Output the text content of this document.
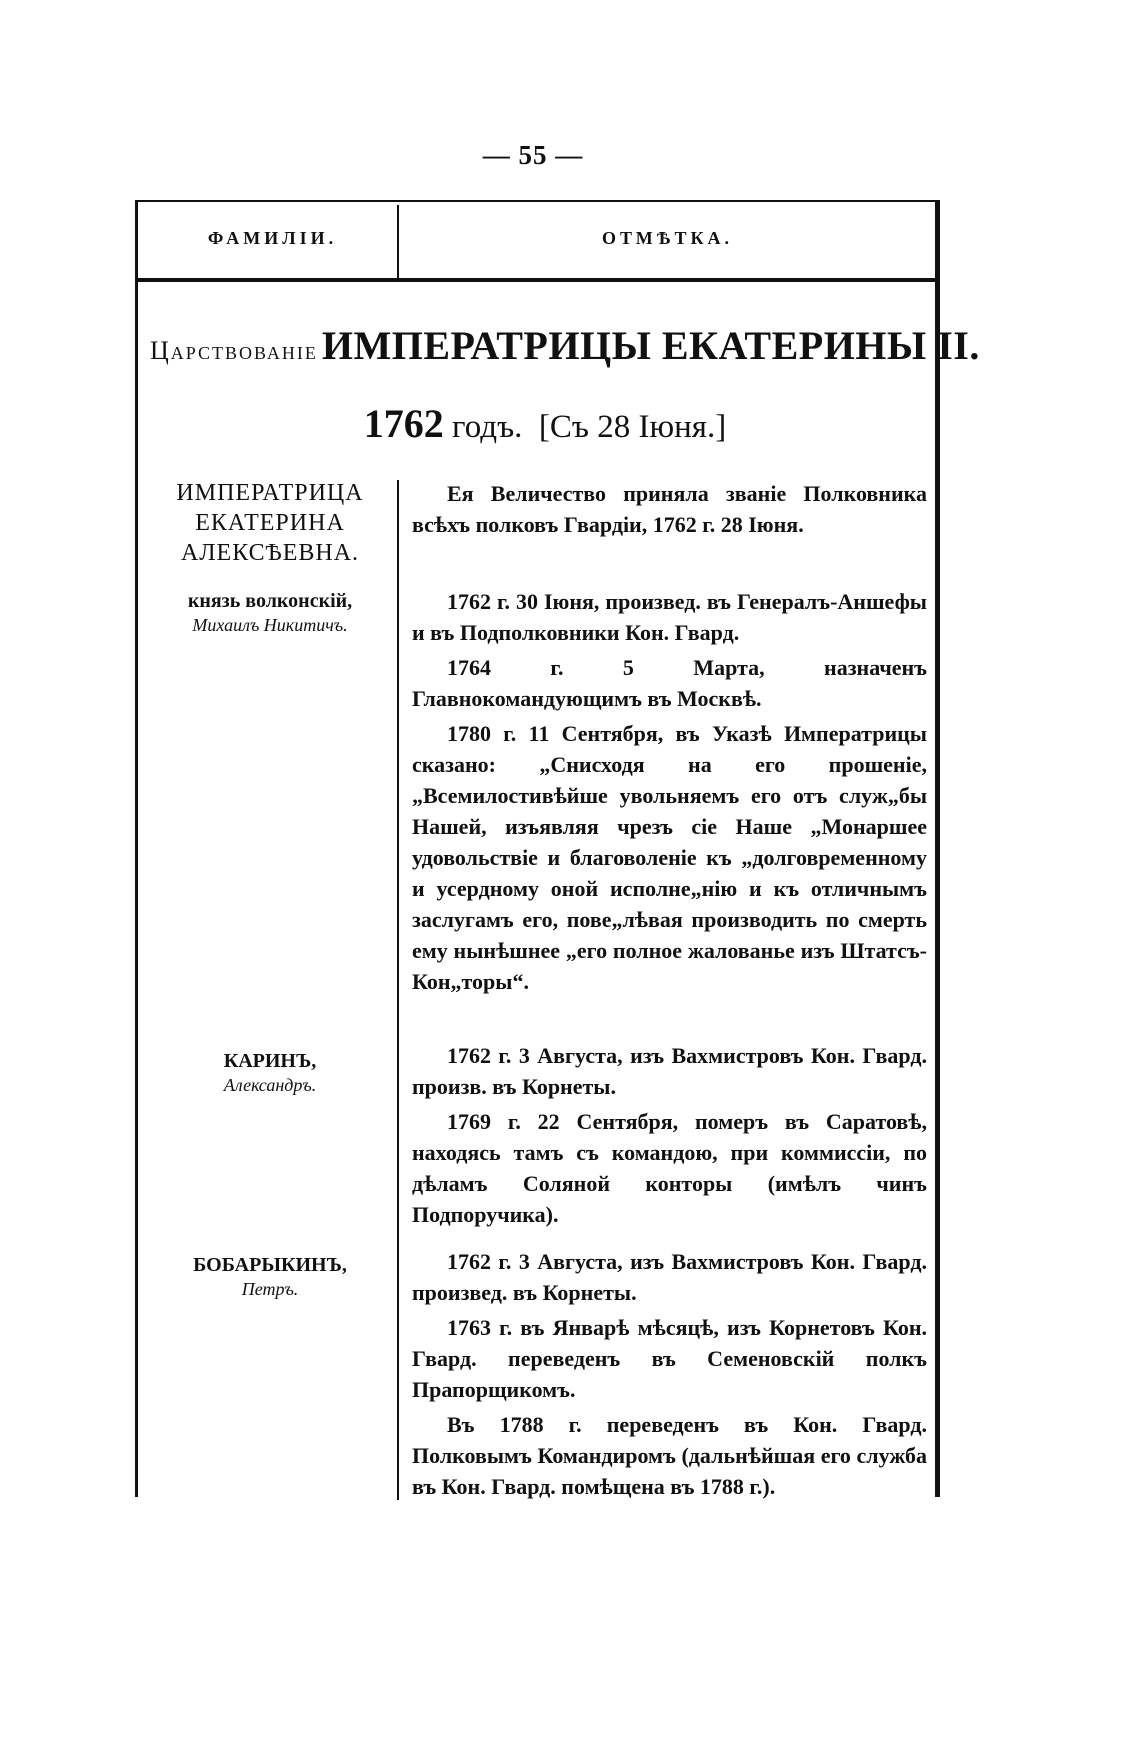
— 55 —
ФАМИЛІИ.	ОТМѢТКА.
Царствованіе ИМПЕРАТРИЦЫ ЕКАТЕРИНЫ II.
1762 годъ. [Съ 28 Іюня.]
ИМПЕРАТРИЦА
ЕКАТЕРИНА
АЛЕКСѢЕВНА.

Ея Величество приняла званіе Полковника всѣхъ полковъ Гвардіи, 1762 г. 28 Іюня.

князь волконскій,
Михаилъ Никитичъ.

1762 г. 30 Іюня, произвед. въ Генералъ-Аншефы и въ Подполковники Кон. Гвард.

1764 г. 5 Марта, назначенъ Главнокомандующимъ въ Москвѣ.

1780 г. 11 Сентября, въ Указѣ Императрицы сказано: „Снисходя на его прошеніе, „Всемилостивѣйше увольняемъ его отъ служ„бы Нашей, изъявляя чрезъ сіе Наше „Монаршее удовольствіе и благоволеніе къ „долговременному и усердному оной исполне„нію и къ отличнымъ заслугамъ его, пове„лѣвая производить по смерть ему нынѣшнее „его полное жалованье изъ Штатсъ-Кон„торы“.

КАРИНЪ,
Александръ.

1762 г. 3 Августа, изъ Вахмистровъ Кон. Гвард. произв. въ Корнеты.

1769 г. 22 Сентября, померъ въ Саратовѣ, находясь тамъ съ командою, при коммиссіи, по дѣламъ Соляной конторы (имѣлъ чинъ Подпоручика).

БОБАРЫКИНЪ,
Петръ.

1762 г. 3 Августа, изъ Вахмистровъ Кон. Гвард. произвед. въ Корнеты.

1763 г. въ Январѣ мѣсяцѣ, изъ Корнетовъ Кон. Гвард. переведенъ въ Семеновскій полкъ Прапорщикомъ.

Въ 1788 г. переведенъ въ Кон. Гвард. Полковымъ Командиромъ (дальнѣйшая его служба въ Кон. Гвард. помѣщена въ 1788 г.).
